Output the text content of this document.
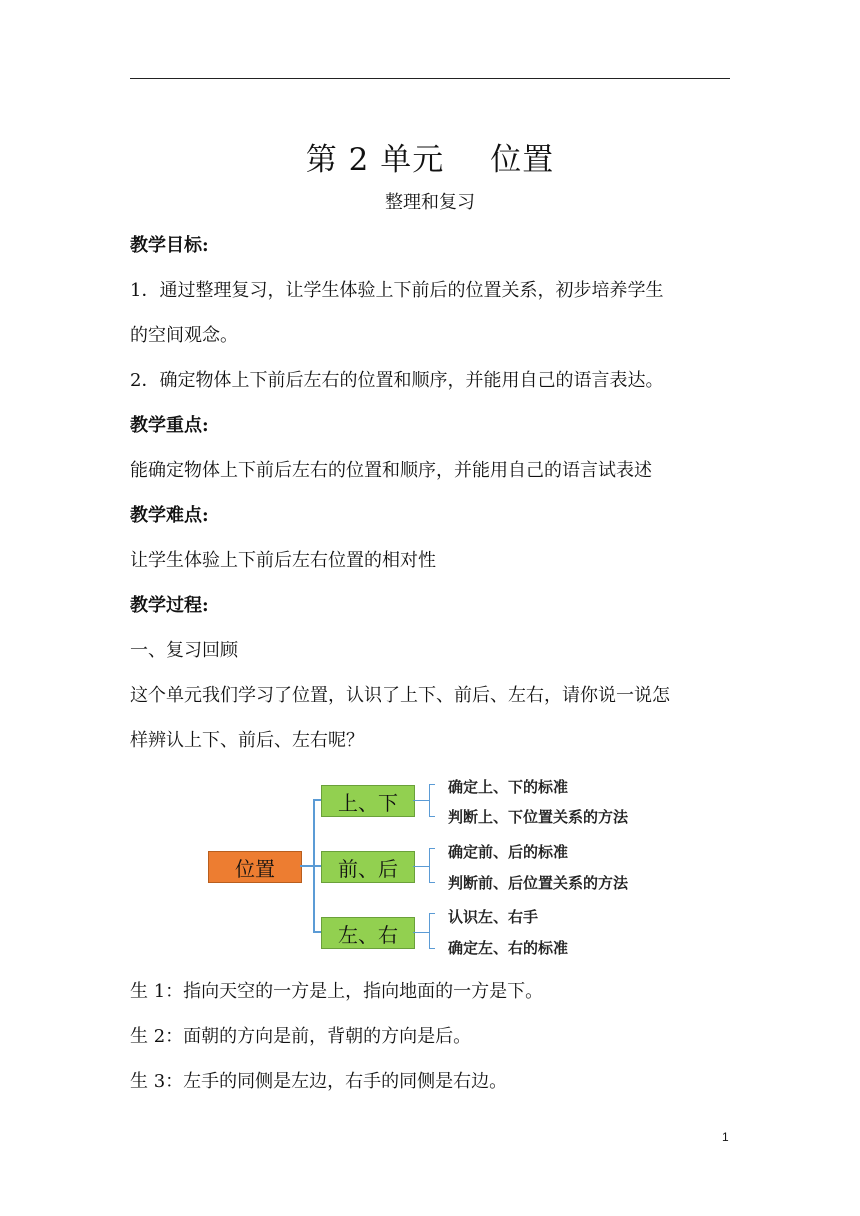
第 2 单元 位置
整理和复习
教学目标:
1．通过整理复习，让学生体验上下前后的位置关系，初步培养学生
的空间观念。
2．确定物体上下前后左右的位置和顺序，并能用自己的语言表达。
教学重点:
能确定物体上下前后左右的位置和顺序，并能用自己的语言试表述
教学难点:
让学生体验上下前后左右位置的相对性
教学过程:
一、复习回顾
这个单元我们学习了位置，认识了上下、前后、左右，请你说一说怎
样辨认上下、前后、左右呢？
位置
上、下
前、后
左、右
确定上、下的标准
判断上、下位置关系的方法
确定前、后的标准
判断前、后位置关系的方法
认识左、右手
确定左、右的标准
生 1：指向天空的一方是上，指向地面的一方是下。
生 2：面朝的方向是前，背朝的方向是后。
生 3：左手的同侧是左边，右手的同侧是右边。
1
